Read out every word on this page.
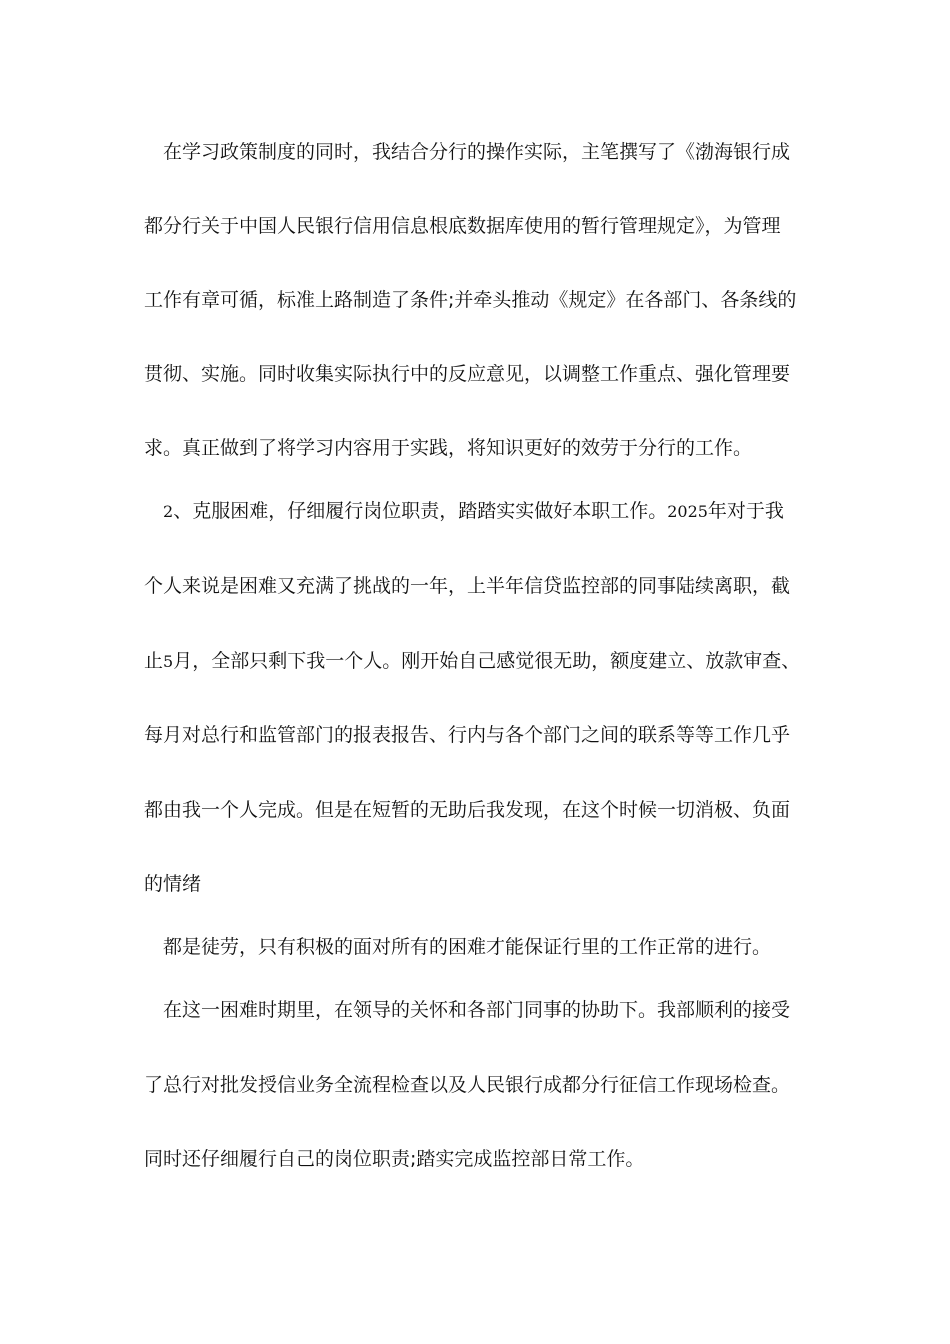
在学习政策制度的同时，我结合分行的操作实际，主笔撰写了《渤海银行成
都分行关于中国人民银行信用信息根底数据库使用的暂行管理规定》，为管理
工作有章可循，标准上路制造了条件;并牵头推动《规定》在各部门、各条线的
贯彻、实施。同时收集实际执行中的反应意见，以调整工作重点、强化管理要
求。真正做到了将学习内容用于实践，将知识更好的效劳于分行的工作。
2、克服困难，仔细履行岗位职责，踏踏实实做好本职工作。2025年对于我
个人来说是困难又充满了挑战的一年，上半年信贷监控部的同事陆续离职，截
止5月，全部只剩下我一个人。刚开始自己感觉很无助，额度建立、放款审查、
每月对总行和监管部门的报表报告、行内与各个部门之间的联系等等工作几乎
都由我一个人完成。但是在短暂的无助后我发现，在这个时候一切消极、负面
的情绪
都是徒劳，只有积极的面对所有的困难才能保证行里的工作正常的进行。
在这一困难时期里，在领导的关怀和各部门同事的协助下。我部顺利的接受
了总行对批发授信业务全流程检查以及人民银行成都分行征信工作现场检查。
同时还仔细履行自己的岗位职责;踏实完成监控部日常工作。
